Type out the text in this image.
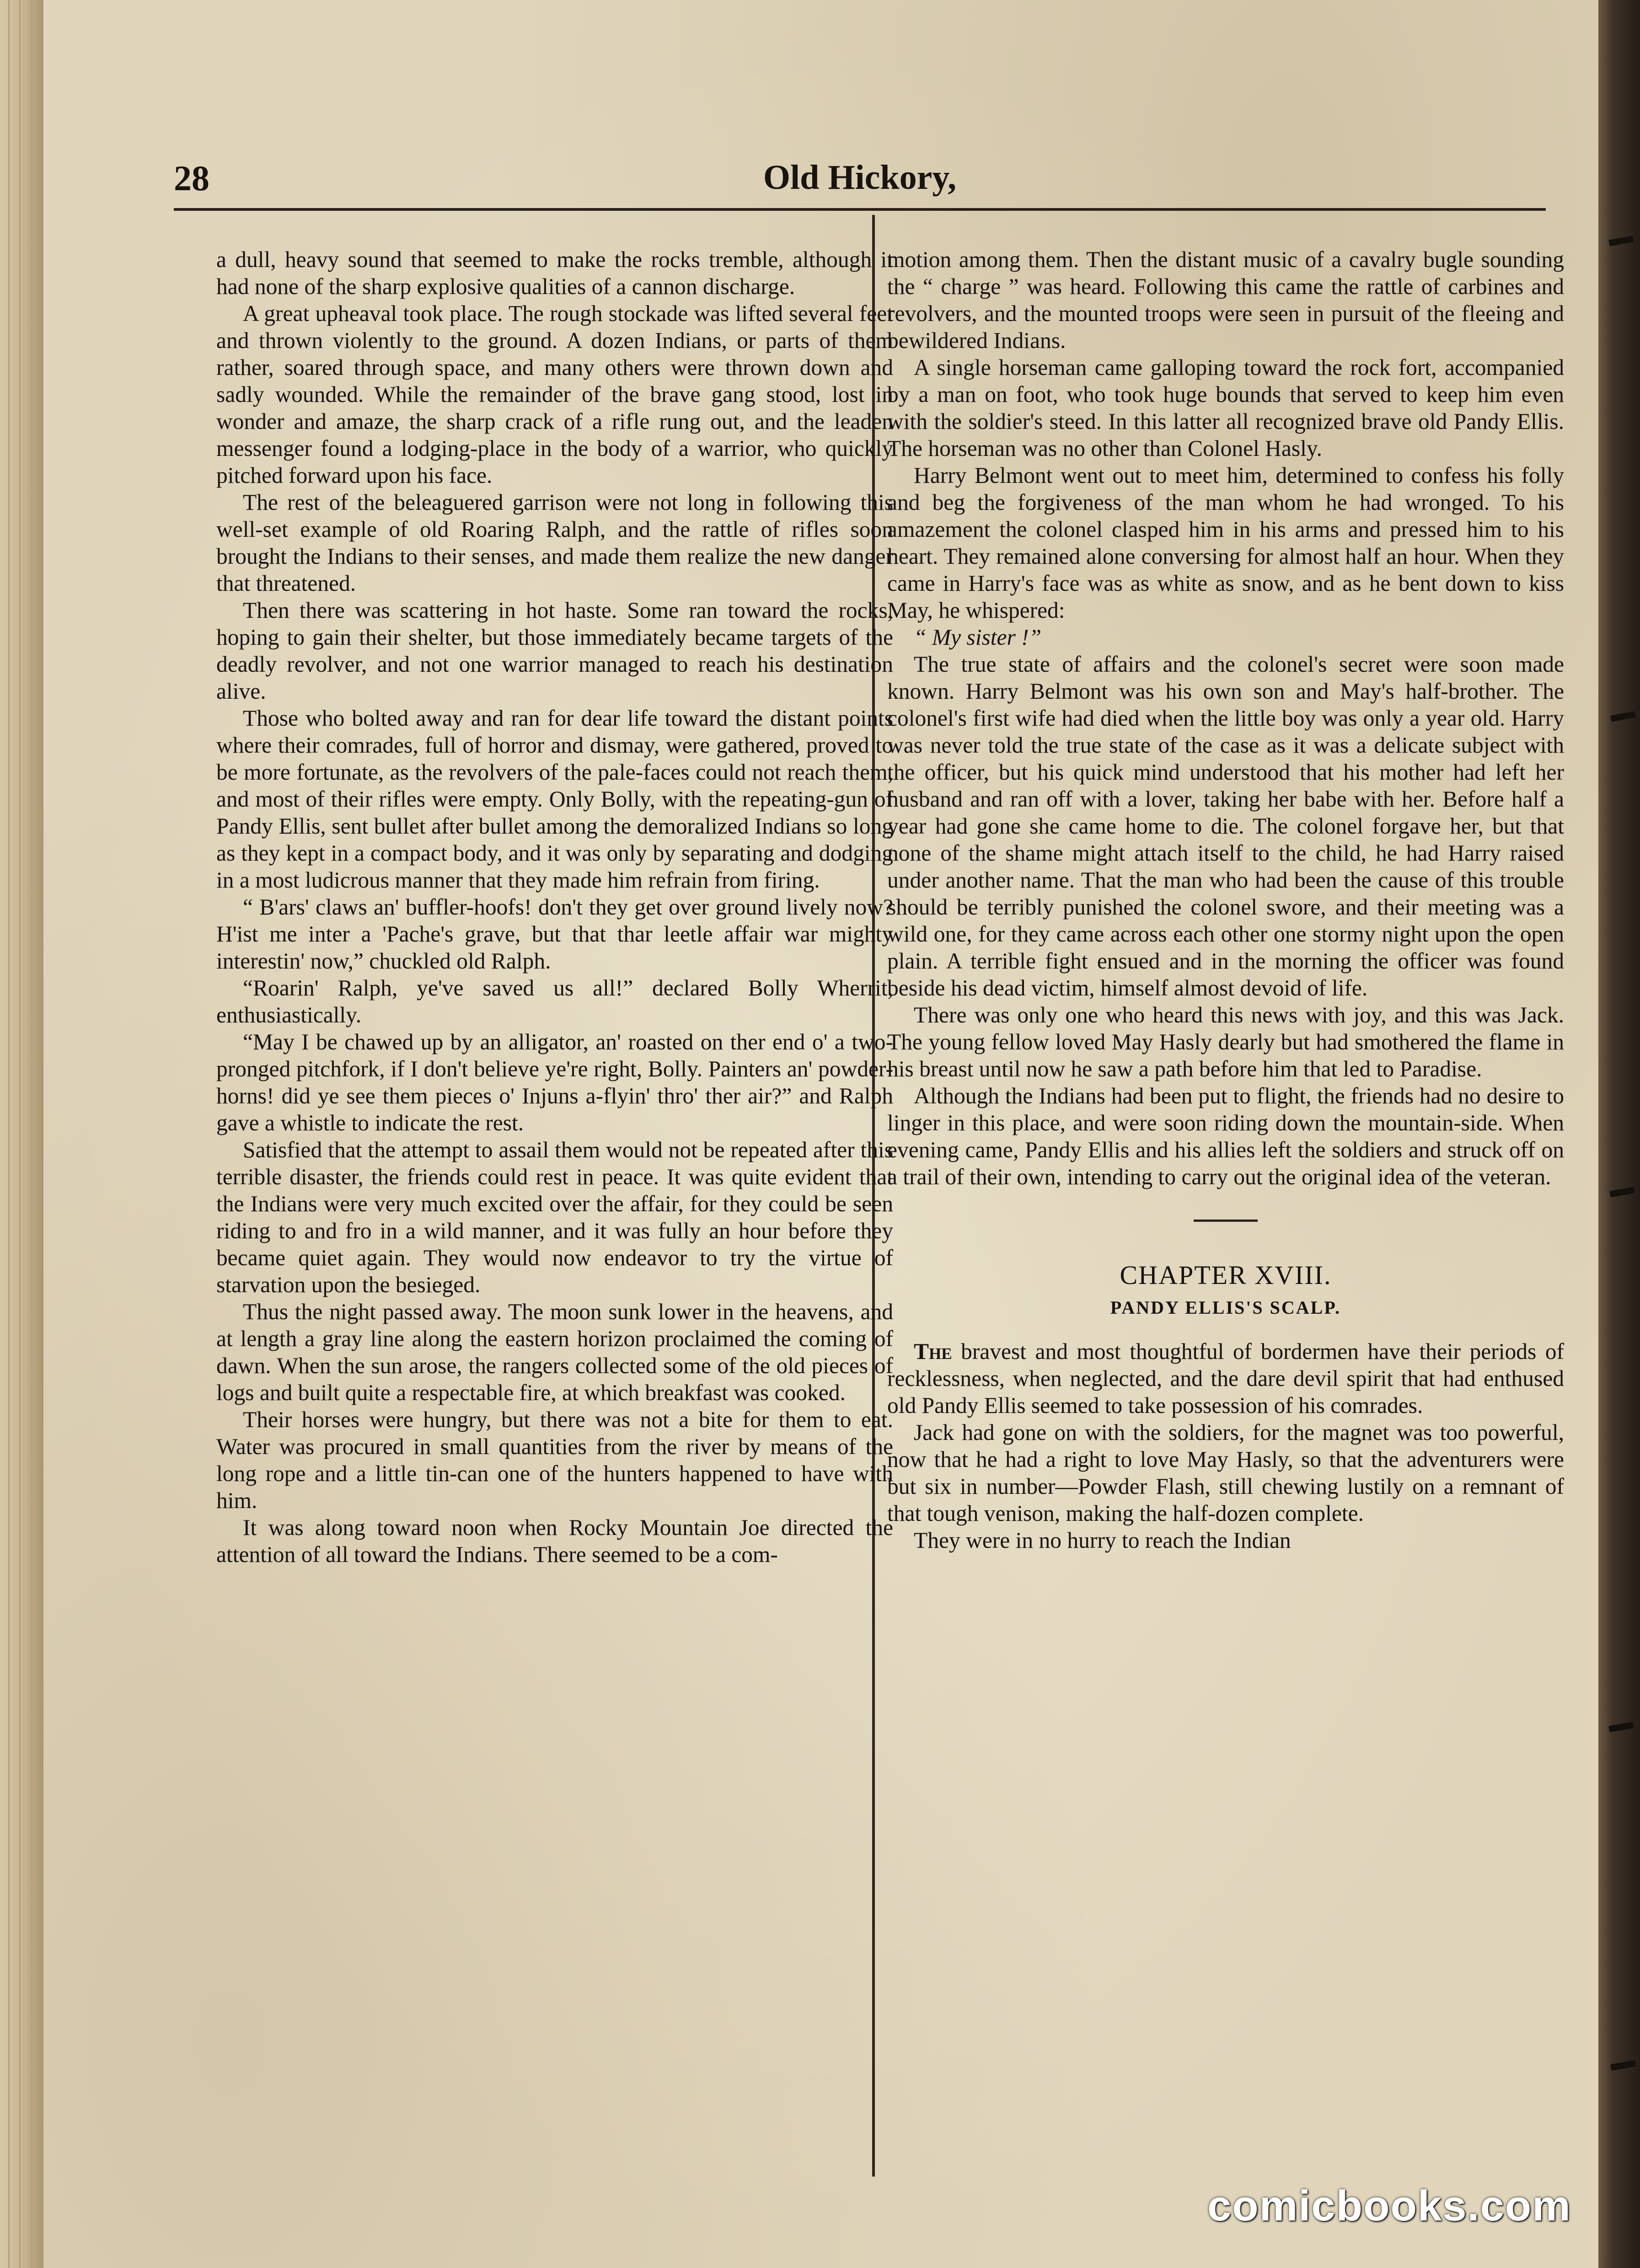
Old Hickory,
28

a dull, heavy sound that seemed to make the rocks tremble, although it had none of the sharp explosive qualities of a cannon discharge.

A great upheaval took place. The rough stockade was lifted several feet and thrown violently to the ground. A dozen Indians, or parts of them rather, soared through space, and many others were thrown down and sadly wounded. While the remainder of the brave gang stood, lost in wonder and amaze, the sharp crack of a rifle rung out, and the leaden messenger found a lodging-place in the body of a warrior, who quickly pitched forward upon his face.

The rest of the beleaguered garrison were not long in following this well-set example of old Roaring Ralph, and the rattle of rifles soon brought the Indians to their senses, and made them realize the new danger that threatened.

Then there was scattering in hot haste. Some ran toward the rocks, hoping to gain their shelter, but those immediately became targets of the deadly revolver, and not one warrior managed to reach his destination alive.

Those who bolted away and ran for dear life toward the distant points where their comrades, full of horror and dismay, were gathered, proved to be more fortunate, as the revolvers of the pale-faces could not reach them, and most of their rifles were empty. Only Bolly, with the repeating-gun of Pandy Ellis, sent bullet after bullet among the demoralized Indians so long as they kept in a compact body, and it was only by separating and dodging in a most ludicrous manner that they made him refrain from firing.

“ B'ars' claws an' buffler-hoofs! don't they get over ground lively now? H'ist me inter a 'Pache's grave, but that thar leetle affair war mighty interestin' now,” chuckled old Ralph.

“Roarin' Ralph, ye've saved us all!” declared Bolly Wherrit, enthusiastically.

“May I be chawed up by an alligator, an' roasted on ther end o' a two-pronged pitchfork, if I don't believe ye're right, Bolly. Painters an' powder-horns! did ye see them pieces o' Injuns a-flyin' thro' ther air?” and Ralph gave a whistle to indicate the rest.

Satisfied that the attempt to assail them would not be repeated after this terrible disaster, the friends could rest in peace. It was quite evident that the Indians were very much excited over the affair, for they could be seen riding to and fro in a wild manner, and it was fully an hour before they became quiet again. They would now endeavor to try the virtue of starvation upon the besieged.

Thus the night passed away. The moon sunk lower in the heavens, and at length a gray line along the eastern horizon proclaimed the coming of dawn. When the sun arose, the rangers collected some of the old pieces of logs and built quite a respectable fire, at which breakfast was cooked.

Their horses were hungry, but there was not a bite for them to eat. Water was procured in small quantities from the river by means of the long rope and a little tin-can one of the hunters happened to have with him.

It was along toward noon when Rocky Mountain Joe directed the attention of all toward the Indians. There seemed to be a com-

motion among them. Then the distant music of a cavalry bugle sounding the “ charge ” was heard. Following this came the rattle of carbines and revolvers, and the mounted troops were seen in pursuit of the fleeing and bewildered Indians.

A single horseman came galloping toward the rock fort, accompanied by a man on foot, who took huge bounds that served to keep him even with the soldier's steed. In this latter all recognized brave old Pandy Ellis. The horseman was no other than Colonel Hasly.

Harry Belmont went out to meet him, determined to confess his folly and beg the forgiveness of the man whom he had wronged. To his amazement the colonel clasped him in his arms and pressed him to his heart. They remained alone conversing for almost half an hour. When they came in Harry's face was as white as snow, and as he bent down to kiss May, he whispered:

“ My sister !”

The true state of affairs and the colonel's secret were soon made known. Harry Belmont was his own son and May's half-brother. The colonel's first wife had died when the little boy was only a year old. Harry was never told the true state of the case as it was a delicate subject with the officer, but his quick mind understood that his mother had left her husband and ran off with a lover, taking her babe with her. Before half a year had gone she came home to die. The colonel forgave her, but that none of the shame might attach itself to the child, he had Harry raised under another name. That the man who had been the cause of this trouble should be terribly punished the colonel swore, and their meeting was a wild one, for they came across each other one stormy night upon the open plain. A terrible fight ensued and in the morning the officer was found beside his dead victim, himself almost devoid of life.

There was only one who heard this news with joy, and this was Jack. The young fellow loved May Hasly dearly but had smothered the flame in his breast until now he saw a path before him that led to Paradise.

Although the Indians had been put to flight, the friends had no desire to linger in this place, and were soon riding down the mountain-side. When evening came, Pandy Ellis and his allies left the soldiers and struck off on a trail of their own, intending to carry out the original idea of the veteran.

CHAPTER XVIII.
PANDY ELLIS'S SCALP.

The bravest and most thoughtful of bordermen have their periods of recklessness, when neglected, and the dare devil spirit that had enthused old Pandy Ellis seemed to take possession of his comrades.

Jack had gone on with the soldiers, for the magnet was too powerful, now that he had a right to love May Hasly, so that the adventurers were but six in number—Powder Flash, still chewing lustily on a remnant of that tough venison, making the half-dozen complete.

They were in no hurry to reach the Indian

comicbooks.com
